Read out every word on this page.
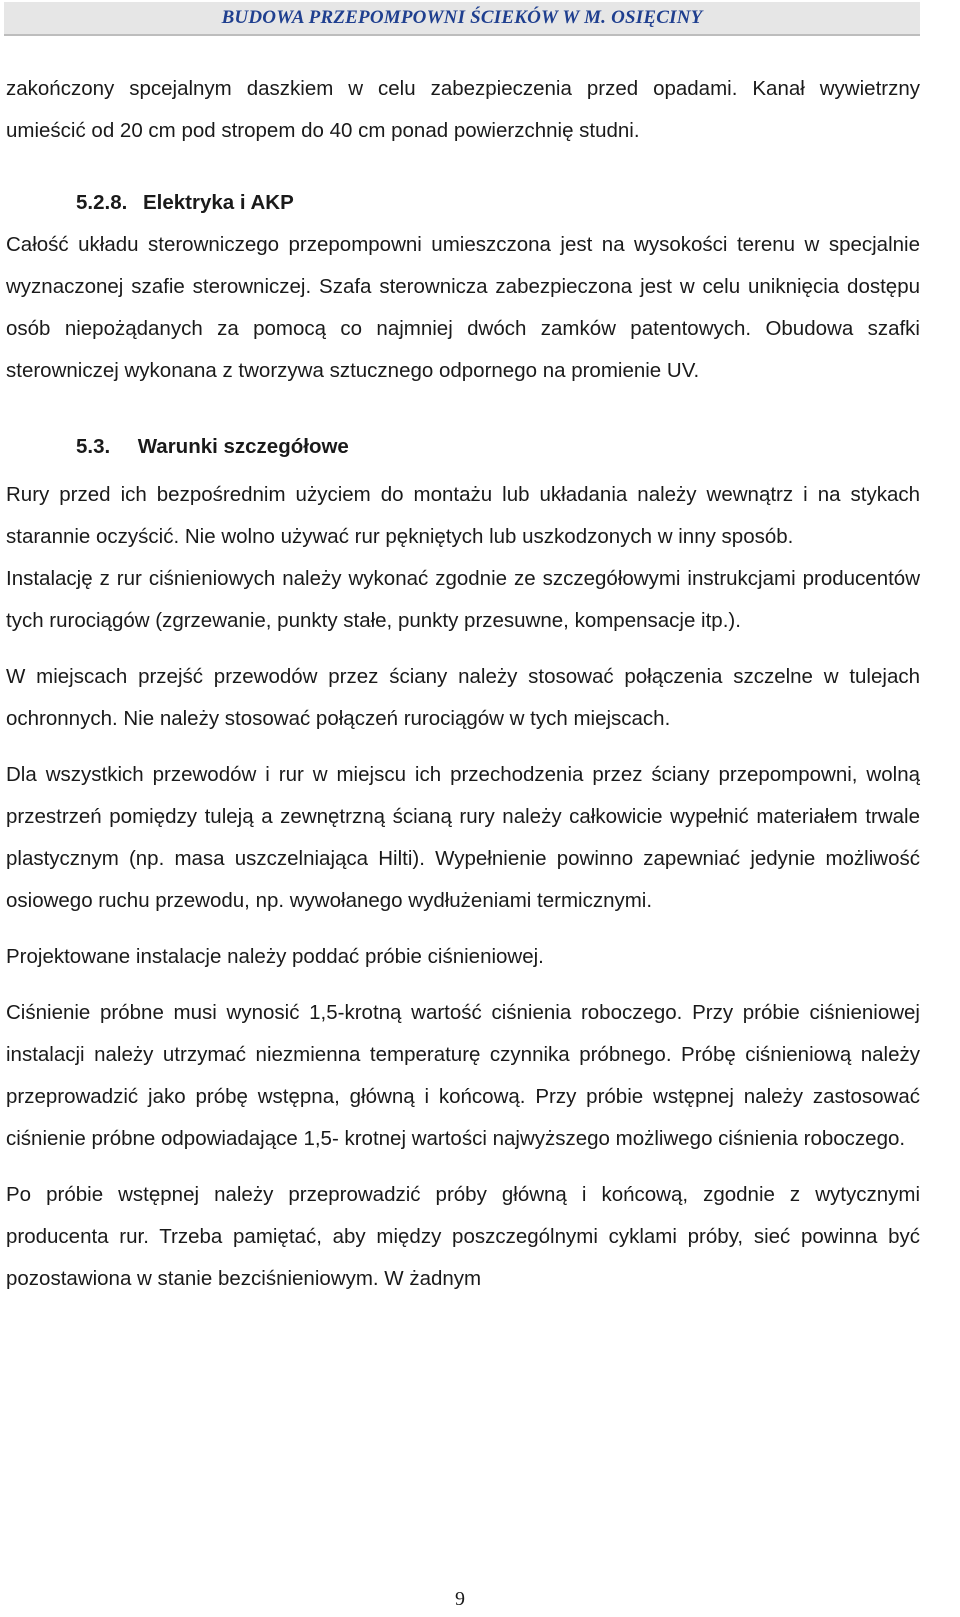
BUDOWA PRZEPOMPOWNI ŚCIEKÓW W M. OSIĘCINY

zakończony spcejalnym daszkiem w celu zabezpieczenia przed opadami. Kanał wywietrzny umieścić od 20 cm pod stropem do 40 cm ponad powierzchnię studni.

5.2.8. Elektryka i AKP

Całość układu sterowniczego przepompowni umieszczona jest na wysokości terenu w specjalnie wyznaczonej szafie sterowniczej. Szafa sterownicza zabezpieczona jest w celu uniknięcia dostępu osób niepożądanych za pomocą co najmniej dwóch zamków patentowych. Obudowa szafki sterowniczej wykonana z tworzywa sztucznego odpornego na promienie UV.

5.3. Warunki szczegółowe

Rury przed ich bezpośrednim użyciem do montażu lub układania należy wewnątrz i na stykach starannie oczyścić. Nie wolno używać rur pękniętych lub uszkodzonych w inny sposób.

Instalację z rur ciśnieniowych należy wykonać zgodnie ze szczegółowymi instrukcjami producentów tych rurociągów (zgrzewanie, punkty stałe, punkty przesuwne, kompensacje itp.).

W miejscach przejść przewodów przez ściany należy stosować połączenia szczelne w tulejach ochronnych. Nie należy stosować połączeń rurociągów w tych miejscach.

Dla wszystkich przewodów i rur w miejscu ich przechodzenia przez ściany przepompowni, wolną przestrzeń pomiędzy tuleją a zewnętrzną ścianą rury należy całkowicie wypełnić materiałem trwale plastycznym (np. masa uszczelniająca Hilti). Wypełnienie powinno zapewniać jedynie możliwość osiowego ruchu przewodu, np. wywołanego wydłużeniami termicznymi.

Projektowane instalacje należy poddać próbie ciśnieniowej.

Ciśnienie próbne musi wynosić 1,5-krotną wartość ciśnienia roboczego. Przy próbie ciśnieniowej instalacji należy utrzymać niezmienna temperaturę czynnika próbnego. Próbę ciśnieniową należy przeprowadzić jako próbę wstępna, główną i końcową. Przy próbie wstępnej należy zastosować ciśnienie próbne odpowiadające 1,5- krotnej wartości najwyższego możliwego ciśnienia roboczego.

Po próbie wstępnej należy przeprowadzić próby główną i końcową, zgodnie z wytycznymi producenta rur. Trzeba pamiętać, aby między poszczególnymi cyklami próby, sieć powinna być pozostawiona w stanie bezciśnieniowym. W żadnym

9
